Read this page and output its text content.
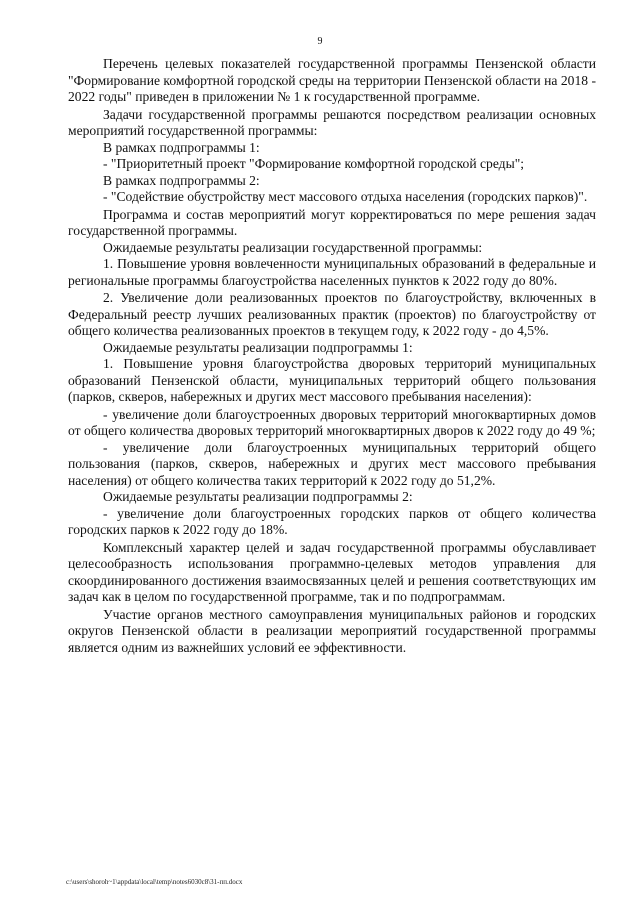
9

Перечень целевых показателей государственной программы Пензенской области "Формирование комфортной городской среды на территории Пензенской области на 2018 - 2022 годы" приведен в приложении № 1 к государственной программе.

Задачи государственной программы решаются посредством реализации основных мероприятий государственной программы:

В рамках подпрограммы 1:

- "Приоритетный проект "Формирование комфортной городской среды";

В рамках подпрограммы 2:

- "Содействие обустройству мест массового отдыха населения (городских парков)".

Программа и состав мероприятий могут корректироваться по мере решения задач государственной программы.

Ожидаемые результаты реализации государственной программы:

1. Повышение уровня вовлеченности муниципальных образований в федеральные и региональные программы благоустройства населенных пунктов к 2022 году до 80%.

2. Увеличение доли реализованных проектов по благоустройству, включенных в Федеральный реестр лучших реализованных практик (проектов) по благоустройству от общего количества реализованных проектов в текущем году, к 2022 году - до 4,5%.

Ожидаемые результаты реализации подпрограммы 1:

1. Повышение уровня благоустройства дворовых территорий муниципальных образований Пензенской области, муниципальных территорий общего пользования (парков, скверов, набережных и других мест массового пребывания населения):

- увеличение доли благоустроенных дворовых территорий многоквартирных домов от общего количества дворовых территорий многоквартирных дворов к 2022 году до 49 %;

- увеличение доли благоустроенных муниципальных территорий общего пользования (парков, скверов, набережных и других мест массового пребывания населения) от общего количества таких территорий к 2022 году до 51,2%.

Ожидаемые результаты реализации подпрограммы 2:

- увеличение доли благоустроенных городских парков от общего количества городских парков к 2022 году до 18%.

Комплексный характер целей и задач государственной программы обуславливает целесообразность использования программно-целевых методов управления для скоординированного достижения взаимосвязанных целей и решения соответствующих им задач как в целом по государственной программе, так и по подпрограммам.

Участие органов местного самоуправления муниципальных районов и городских округов Пензенской области в реализации мероприятий государственной программы является одним из важнейших условий ее эффективности.

c:\users\shoroh~1\appdata\local\temp\notes6030c8\31-пп.docx
